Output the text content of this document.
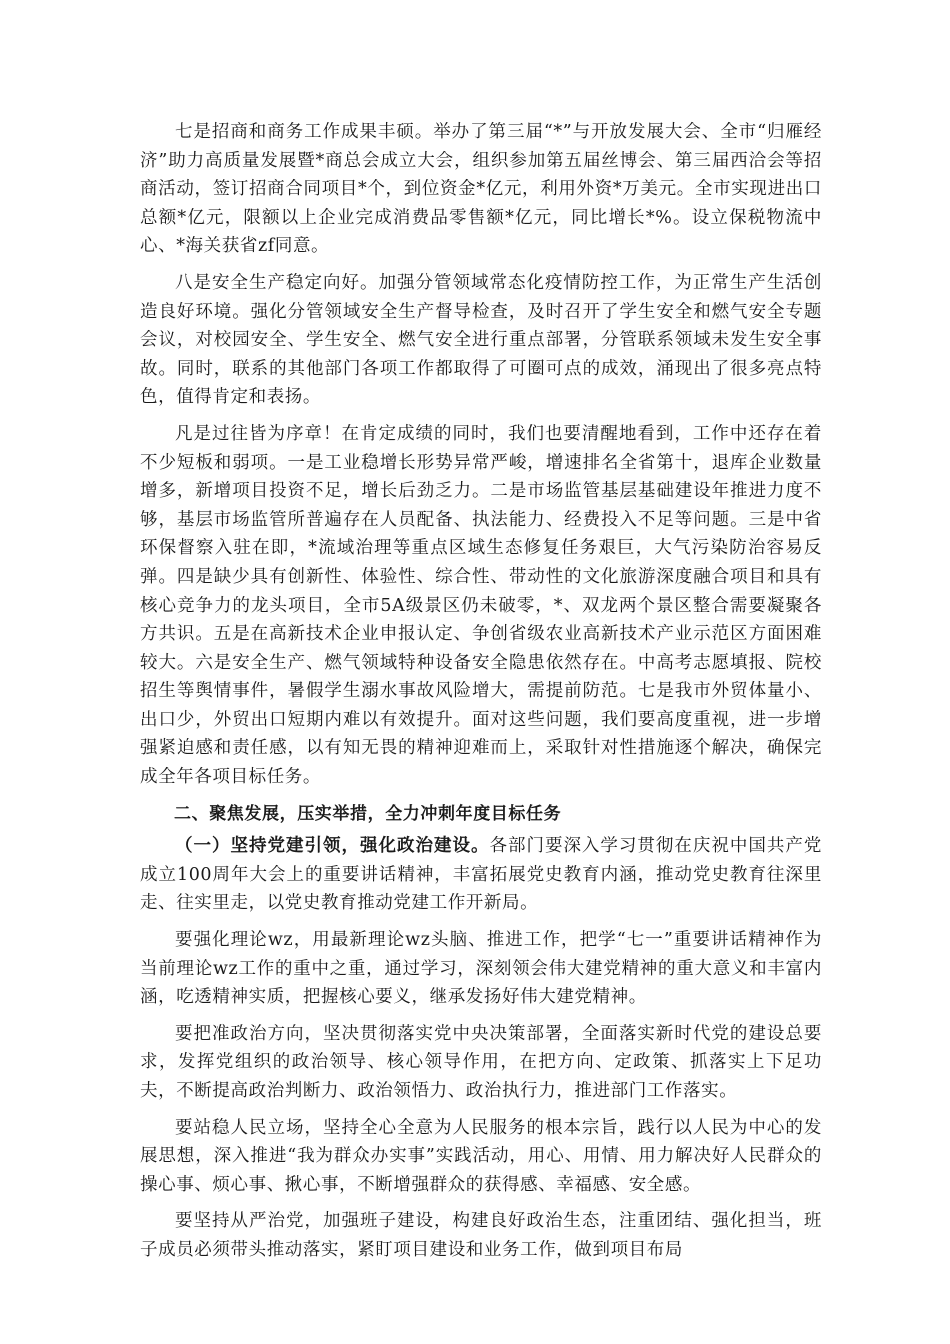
七是招商和商务工作成果丰硕。举办了第三届“*”与开放发展大会、全市“归雁经济”助力高质量发展暨*商总会成立大会，组织参加第五届丝博会、第三届西洽会等招商活动，签订招商合同项目*个，到位资金*亿元，利用外资*万美元。全市实现进出口总额*亿元，限额以上企业完成消费品零售额*亿元，同比增长*%。设立保税物流中心、*海关获省zf同意。

八是安全生产稳定向好。加强分管领域常态化疫情防控工作，为正常生产生活创造良好环境。强化分管领域安全生产督导检查，及时召开了学生安全和燃气安全专题会议，对校园安全、学生安全、燃气安全进行重点部署，分管联系领域未发生安全事故。同时，联系的其他部门各项工作都取得了可圈可点的成效，涌现出了很多亮点特色，值得肯定和表扬。

凡是过往皆为序章！在肯定成绩的同时，我们也要清醒地看到，工作中还存在着不少短板和弱项。一是工业稳增长形势异常严峻，增速排名全省第十，退库企业数量增多，新增项目投资不足，增长后劲乏力。二是市场监管基层基础建设年推进力度不够，基层市场监管所普遍存在人员配备、执法能力、经费投入不足等问题。三是中省环保督察入驻在即，*流域治理等重点区域生态修复任务艰巨，大气污染防治容易反弹。四是缺少具有创新性、体验性、综合性、带动性的文化旅游深度融合项目和具有核心竞争力的龙头项目，全市5A级景区仍未破零，*、双龙两个景区整合需要凝聚各方共识。五是在高新技术企业申报认定、争创省级农业高新技术产业示范区方面困难较大。六是安全生产、燃气领域特种设备安全隐患依然存在。中高考志愿填报、院校招生等舆情事件，暑假学生溺水事故风险增大，需提前防范。七是我市外贸体量小、出口少，外贸出口短期内难以有效提升。面对这些问题，我们要高度重视，进一步增强紧迫感和责任感，以有知无畏的精神迎难而上，采取针对性措施逐个解决，确保完成全年各项目标任务。

二、聚焦发展，压实举措，全力冲刺年度目标任务

（一）坚持党建引领，强化政治建设。各部门要深入学习贯彻在庆祝中国共产党成立100周年大会上的重要讲话精神，丰富拓展党史教育内涵，推动党史教育往深里走、往实里走，以党史教育推动党建工作开新局。

要强化理论wz，用最新理论wz头脑、推进工作，把学“七一”重要讲话精神作为当前理论wz工作的重中之重，通过学习，深刻领会伟大建党精神的重大意义和丰富内涵，吃透精神实质，把握核心要义，继承发扬好伟大建党精神。

要把准政治方向，坚决贯彻落实党中央决策部署，全面落实新时代党的建设总要求，发挥党组织的政治领导、核心领导作用，在把方向、定政策、抓落实上下足功夫，不断提高政治判断力、政治领悟力、政治执行力，推进部门工作落实。

要站稳人民立场，坚持全心全意为人民服务的根本宗旨，践行以人民为中心的发展思想，深入推进“我为群众办实事”实践活动，用心、用情、用力解决好人民群众的操心事、烦心事、揪心事，不断增强群众的获得感、幸福感、安全感。

要坚持从严治党，加强班子建设，构建良好政治生态，注重团结、强化担当，班子成员必须带头推动落实，紧盯项目建设和业务工作，做到项目布局
